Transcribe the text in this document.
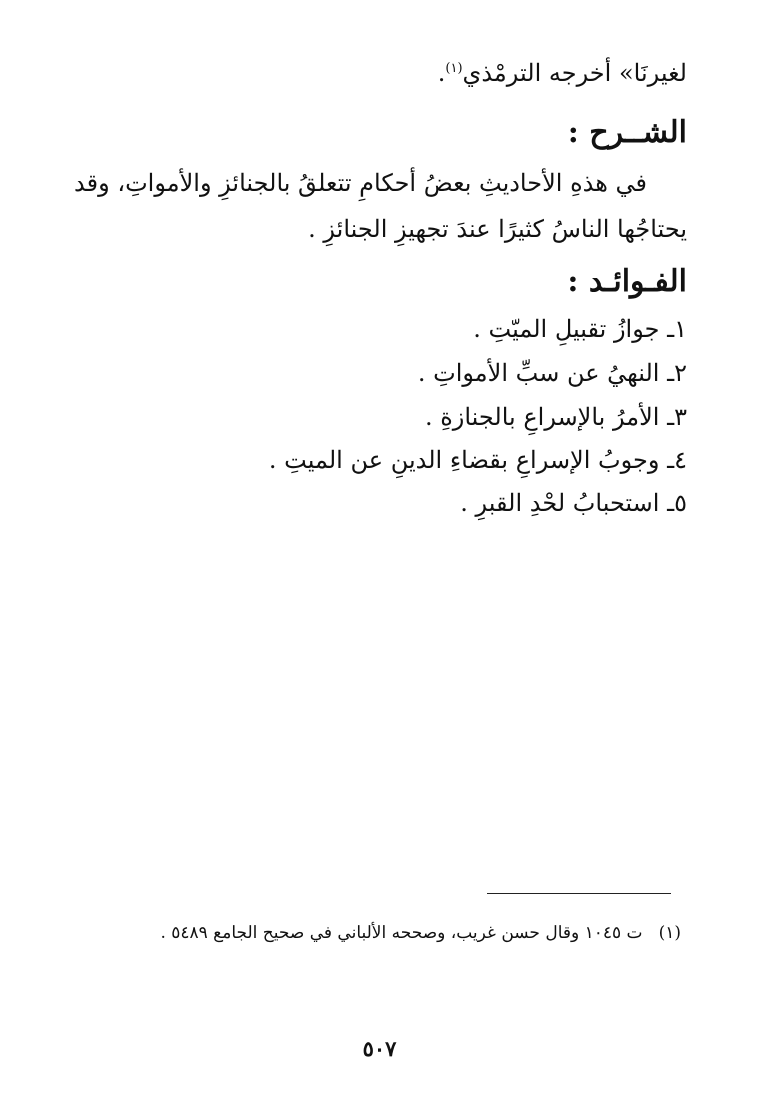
لغيرنَا» أخرجه الترمْذي$^{(١)}$.
الشــرح :
في هذهِ الأحاديثِ بعضُ أحكامِ تتعلقُ بالجنائزِ والأمواتِ، وقد
يحتاجُها الناسُ كثيرًا عندَ تجهيزِ الجنائزِ .
الفـوائـد :
١ـ جوازُ تقبيلِ الميّتِ .
٢ـ النهيُ عن سبِّ الأمواتِ .
٣ـ الأمرُ بالإسراعِ بالجنازةِ .
٤ـ وجوبُ الإسراعِ بقضاءِ الدينِ عن الميتِ .
٥ـ استحبابُ لحْدِ القبرِ .
(١)ت ١٠٤٥ وقال حسن غريب، وصححه الألباني في صحيح الجامع ٥٤٨٩ .
٥٠٧
